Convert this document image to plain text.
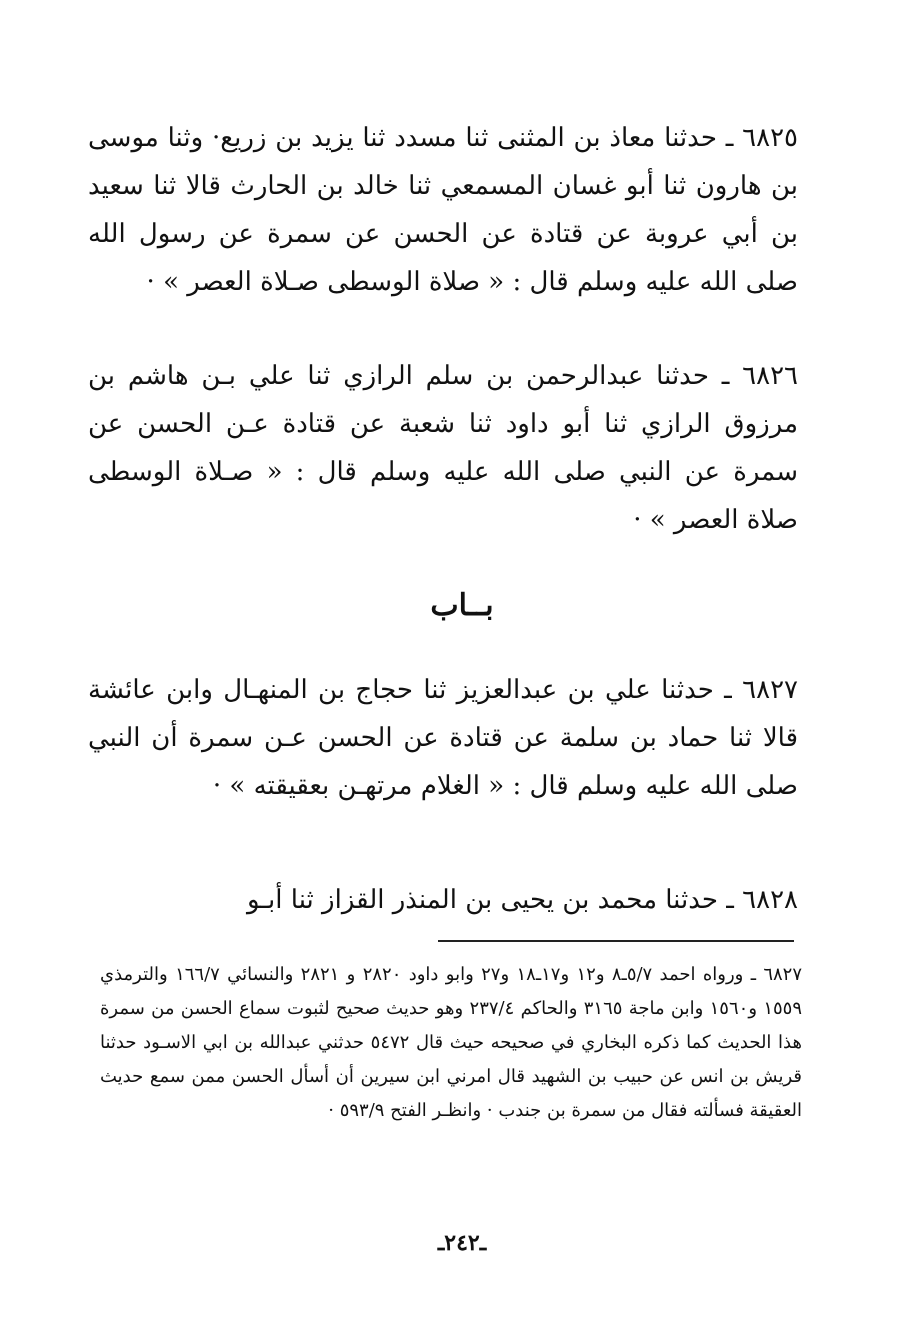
٦٨٢٥ ـ حدثنا معاذ بن المثنى ثنا مسدد ثنا يزيد بن زريع· وثنا موسى بن هارون ثنا أبو غسان المسمعي ثنا خالد بن الحارث قالا ثنا سعيد بن أبي عروبة عن قتادة عن الحسن عن سمرة عن رسول الله صلى الله عليه وسلم قال : « صلاة الوسطى صـلاة العصر » ·

٦٨٢٦ ـ حدثنا عبدالرحمن بن سلم الرازي ثنا علي بـن هاشم بن مرزوق الرازي ثنا أبو داود ثنا شعبة عن قتادة عـن الحسن عن سمرة عن النبي صلى الله عليه وسلم قال : « صـلاة الوسطى صلاة العصر » ·

بــاب

٦٨٢٧ ـ حدثنا علي بن عبدالعزيز ثنا حجاج بن المنهـال وابن عائشة قالا ثنا حماد بن سلمة عن قتادة عن الحسن عـن سمرة أن النبي صلى الله عليه وسلم قال : « الغلام مرتهـن بعقيقته » ·

٦٨٢٨ ـ حدثنا محمد بن يحيى بن المنذر القزاز ثنا أبـو

٦٨٢٧ ـ ورواه احمد ٥/٧ـ٨ و١٢ و١٧ـ١٨ و٢٧ وابو داود ٢٨٢٠ و ٢٨٢١ والنسائي ١٦٦/٧ والترمذي ١٥٥٩ و١٥٦٠ وابن ماجة ٣١٦٥ والحاكم ٢٣٧/٤ وهو حديث صحيح لثبوت سماع الحسن من سمرة هذا الحديث كما ذكره البخاري في صحيحه حيث قال ٥٤٧٢ حدثني عبدالله بن ابي الاسـود حدثنا قريش بن انس عن حبيب بن الشهيد قال امرني ابن سيرين أن أسأل الحسن ممن سمع حديث العقيقة فسألته فقال من سمرة بن جندب · وانظـر الفتح ٥٩٣/٩ ·

ـ٢٤٢ـ
